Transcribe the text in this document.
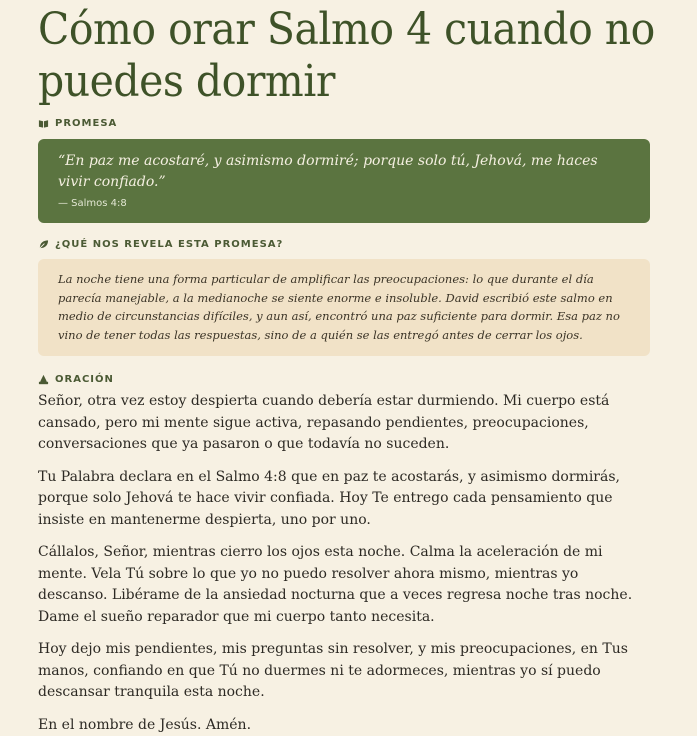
Cómo orar Salmo 4 cuando no puedes dormir
PROMESA
“En paz me acostaré, y asimismo dormiré; porque solo tú, Jehová, me haces vivir confiado.”
— Salmos 4:8
¿QUÉ NOS REVELA ESTA PROMESA?
La noche tiene una forma particular de amplificar las preocupaciones: lo que durante el día parecía manejable, a la medianoche se siente enorme e insoluble. David escribió este salmo en medio de circunstancias difíciles, y aun así, encontró una paz suficiente para dormir. Esa paz no vino de tener todas las respuestas, sino de a quién se las entregó antes de cerrar los ojos.
ORACIÓN

Señor, otra vez estoy despierta cuando debería estar durmiendo. Mi cuerpo está cansado, pero mi mente sigue activa, repasando pendientes, preocupaciones, conversaciones que ya pasaron o que todavía no suceden.

Tu Palabra declara en el Salmo 4:8 que en paz te acostarás, y asimismo dormirás, porque solo Jehová te hace vivir confiada. Hoy Te entrego cada pensamiento que insiste en mantenerme despierta, uno por uno.

Cállalos, Señor, mientras cierro los ojos esta noche. Calma la aceleración de mi mente. Vela Tú sobre lo que yo no puedo resolver ahora mismo, mientras yo descanso. Libérame de la ansiedad nocturna que a veces regresa noche tras noche. Dame el sueño reparador que mi cuerpo tanto necesita.

Hoy dejo mis pendientes, mis preguntas sin resolver, y mis preocupaciones, en Tus manos, confiando en que Tú no duermes ni te adormeces, mientras yo sí puedo descansar tranquila esta noche.

En el nombre de Jesús. Amén.
